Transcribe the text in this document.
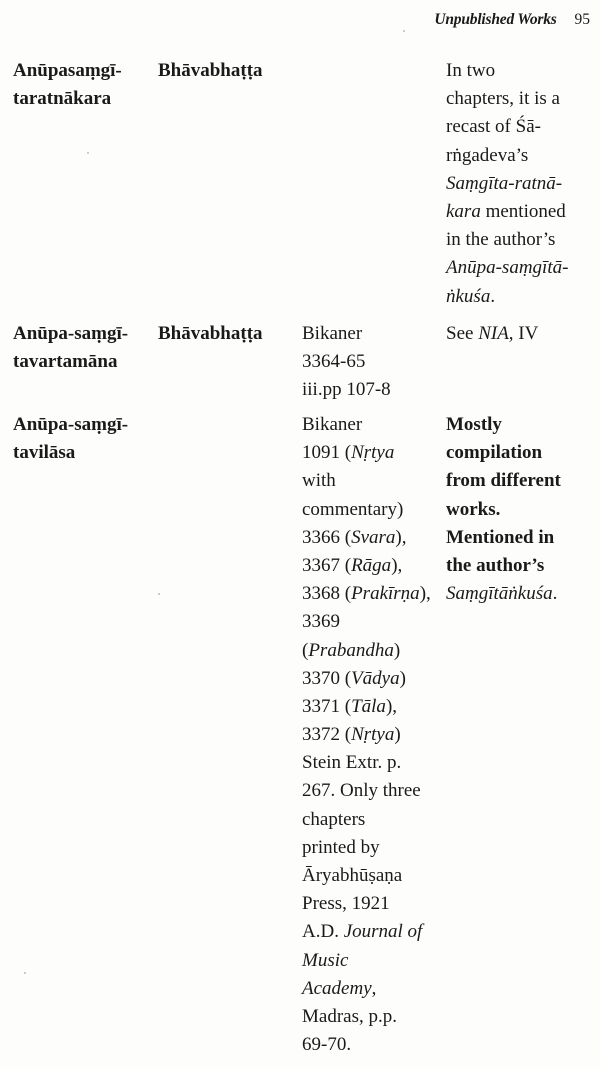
Unpublished Works 95
Anūpasaṃgī-
taratnākara
Bhāvabhaṭṭa	In two
chapters, it is a
recast of Śā-
rṅgadeva’s
Saṃgīta-ratnā-
kara mentioned
in the author’s
Anūpa-saṃgītā-
ṅkuśa.
Anūpa-saṃgī-
tavartamāna
Bhāvabhaṭṭa Bikaner
3364-65
iii.pp 107-8
See NIA, IV
Anūpa-saṃgī-
tavilāsa
Bikaner
1091 (Nṛtya
with
commentary)
3366 (Svara),
3367 (Rāga),
3368 (Prakīrṇa),
3369
(Prabandha)
3370 (Vādya)
3371 (Tāla),
3372 (Nṛtya)
Stein Extr. p.
267. Only three
chapters
printed by
Āryabhūṣaṇa
Press, 1921
A.D. Journal of
Music
Academy,
Madras, p.p.
69-70.
Mostly
compilation
from different
works.
Mentioned in
the author’s
Saṃgītāṅkuśa.
